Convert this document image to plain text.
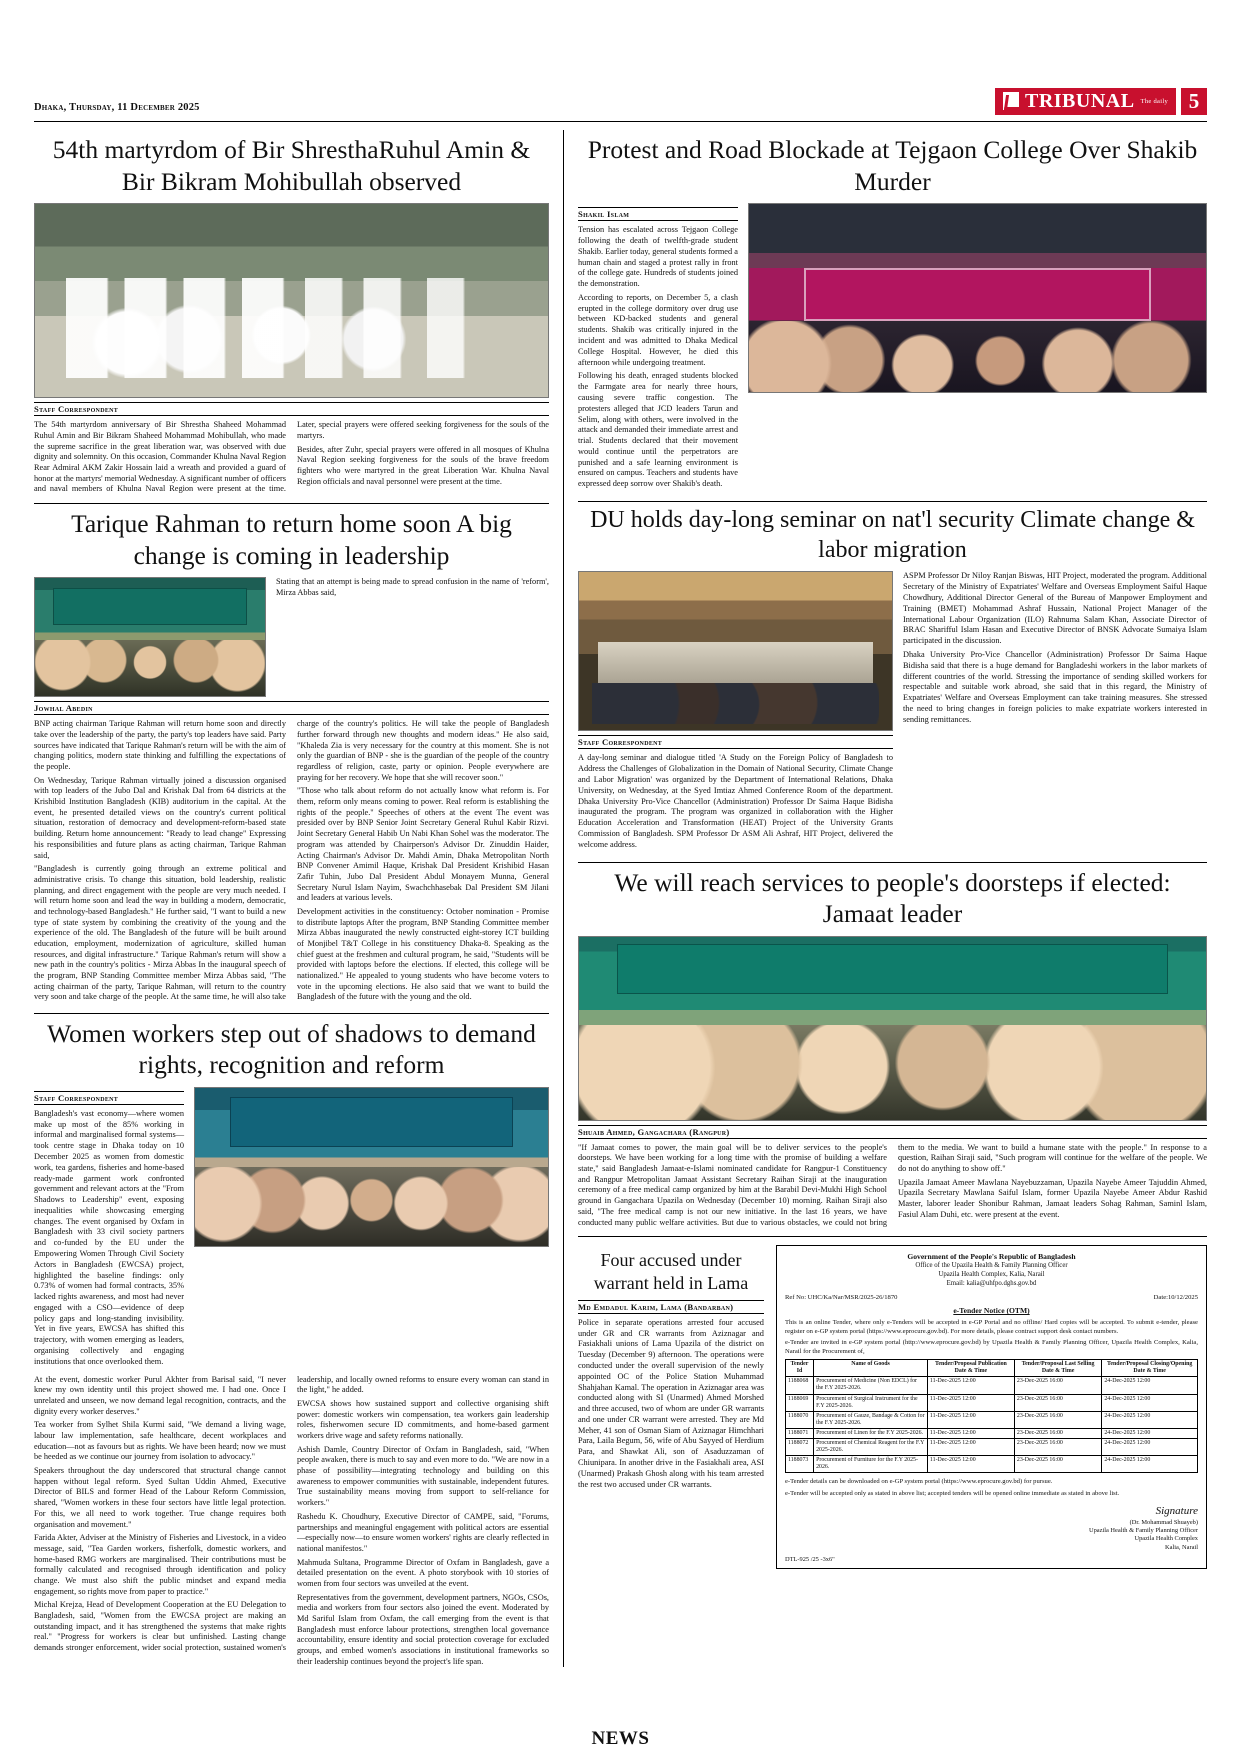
Dhaka, Thursday, 11 December 2025
NEWS
TRIBUNAL The daily 5
54th martyrdom of Bir ShresthaRuhul Amin & Bir Bikram Mohibullah observed
Staff Correspondent

The 54th martyrdom anniversary of Bir Shrestha Shaheed Mohammad Ruhul Amin and Bir Bikram Shaheed Mohammad Mohibullah, who made the supreme sacrifice in the great liberation war, was observed with due dignity and solemnity. On this occasion, Commander Khulna Naval Region Rear Admiral AKM Zakir Hossain laid a wreath and provided a guard of honor at the martyrs' memorial Wednesday. A significant number of officers and naval members of Khulna Naval Region were present at the time. Later, special prayers were offered seeking forgiveness for the souls of the martyrs.

Besides, after Zuhr, special prayers were offered in all mosques of Khulna Naval Region seeking forgiveness for the souls of the brave freedom fighters who were martyred in the great Liberation War. Khulna Naval Region officials and naval personnel were present at the time.

Tarique Rahman to return home soon A big change is coming in leadership

Stating that an attempt is being made to spread confusion in the name of 'reform', Mirza Abbas said,

Jowhal Abedin

BNP acting chairman Tarique Rahman will return home soon and directly take over the leadership of the party, the party's top leaders have said. Party sources have indicated that Tarique Rahman's return will be with the aim of changing politics, modern state thinking and fulfilling the expectations of the people.

On Wednesday, Tarique Rahman virtually joined a discussion organised with top leaders of the Jubo Dal and Krishak Dal from 64 districts at the Krishibid Institution Bangladesh (KIB) auditorium in the capital. At the event, he presented detailed views on the country's current political situation, restoration of democracy and development-reform-based state building. Return home announcement: "Ready to lead change" Expressing his responsibilities and future plans as acting chairman, Tarique Rahman said,

"Bangladesh is currently going through an extreme political and administrative crisis. To change this situation, bold leadership, realistic planning, and direct engagement with the people are very much needed. I will return home soon and lead the way in building a modern, democratic, and technology-based Bangladesh." He further said, "I want to build a new type of state system by combining the creativity of the young and the experience of the old. The Bangladesh of the future will be built around education, employment, modernization of agriculture, skilled human resources, and digital infrastructure." Tarique Rahman's return will show a new path in the country's politics - Mirza Abbas In the inaugural speech of the program, BNP Standing Committee member Mirza Abbas said, "The acting chairman of the party, Tarique Rahman, will return to the country very soon and take charge of the people. At the same time, he will also take charge of the country's politics. He will take the people of Bangladesh further forward through new thoughts and modern ideas." He also said, "Khaleda Zia is very necessary for the country at this moment. She is not only the guardian of BNP - she is the guardian of the people of the country regardless of religion, caste, party or opinion. People everywhere are praying for her recovery. We hope that she will recover soon."

"Those who talk about reform do not actually know what reform is. For them, reform only means coming to power. Real reform is establishing the rights of the people." Speeches of others at the event The event was presided over by BNP Senior Joint Secretary General Ruhul Kabir Rizvi. Joint Secretary General Habib Un Nabi Khan Sohel was the moderator. The program was attended by Chairperson's Advisor Dr. Zinuddin Haider, Acting Chairman's Advisor Dr. Mahdi Amin, Dhaka Metropolitan North BNP Convener Amimil Haque, Krishak Dal President Krishibid Hasan Zafir Tuhin, Jubo Dal President Abdul Monayem Munna, General Secretary Nurul Islam Nayim, Swachchhasebak Dal President SM Jilani and leaders at various levels.

Development activities in the constituency: October nomination - Promise to distribute laptops After the program, BNP Standing Committee member Mirza Abbas inaugurated the newly constructed eight-storey ICT building of Monjibel T&T College in his constituency Dhaka-8. Speaking as the chief guest at the freshmen and cultural program, he said, "Students will be provided with laptops before the elections. If elected, this college will be nationalized." He appealed to young students who have become voters to vote in the upcoming elections. He also said that we want to build the Bangladesh of the future with the young and the old.

Women workers step out of shadows to demand rights, recognition and reform
Staff Correspondent

Bangladesh's vast economy—where women make up most of the 85% working in informal and marginalised formal systems—took centre stage in Dhaka today on 10 December 2025 as women from domestic work, tea gardens, fisheries and home-based ready-made garment work confronted government and relevant actors at the "From Shadows to Leadership" event, exposing inequalities while showcasing emerging changes. The event organised by Oxfam in Bangladesh with 33 civil society partners and co-funded by the EU under the Empowering Women Through Civil Society Actors in Bangladesh (EWCSA) project, highlighted the baseline findings: only 0.73% of women had formal contracts, 35% lacked rights awareness, and most had never engaged with a CSO—evidence of deep policy gaps and long-standing invisibility. Yet in five years, EWCSA has shifted this trajectory, with women emerging as leaders, organising collectively and engaging institutions that once overlooked them.

At the event, domestic worker Purul Akhter from Barisal said, "I never knew my own identity until this project showed me. I had one. Once I unrelated and unseen, we now demand legal recognition, contracts, and the dignity every worker deserves."

Tea worker from Sylhet Shila Kurmi said, "We demand a living wage, labour law implementation, safe healthcare, decent workplaces and education—not as favours but as rights. We have been heard; now we must be heeded as we continue our journey from isolation to advocacy."

Speakers throughout the day underscored that structural change cannot happen without legal reform. Syed Sultan Uddin Ahmed, Executive Director of BILS and former Head of the Labour Reform Commission, shared, "Women workers in these four sectors have little legal protection. For this, we all need to work together. True change requires both organisation and movement."

Farida Akter, Adviser at the Ministry of Fisheries and Livestock, in a video message, said, "Tea Garden workers, fisherfolk, domestic workers, and home-based RMG workers are marginalised. Their contributions must be formally calculated and recognised through identification and policy change. We must also shift the public mindset and expand media engagement, so rights move from paper to practice."

Michal Krejza, Head of Development Cooperation at the EU Delegation to Bangladesh, said, "Women from the EWCSA project are making an outstanding impact, and it has strengthened the systems that make rights real." "Progress for workers is clear but unfinished. Lasting change demands stronger enforcement, wider social protection, sustained women's leadership, and locally owned reforms to ensure every woman can stand in the light," he added.

EWCSA shows how sustained support and collective organising shift power: domestic workers win compensation, tea workers gain leadership roles, fisherwomen secure ID commitments, and home-based garment workers drive wage and safety reforms nationally.

Ashish Damle, Country Director of Oxfam in Bangladesh, said, "When people awaken, there is much to say and even more to do. "We are now in a phase of possibility—integrating technology and building on this awareness to empower communities with sustainable, independent futures. True sustainability means moving from support to self-reliance for workers."

Rashedu K. Choudhury, Executive Director of CAMPE, said, "Forums, partnerships and meaningful engagement with political actors are essential—especially now—to ensure women workers' rights are clearly reflected in national manifestos."

Mahmuda Sultana, Programme Director of Oxfam in Bangladesh, gave a detailed presentation on the event. A photo storybook with 10 stories of women from four sectors was unveiled at the event.

Representatives from the government, development partners, NGOs, CSOs, media and workers from four sectors also joined the event. Moderated by Md Sariful Islam from Oxfam, the call emerging from the event is that Bangladesh must enforce labour protections, strengthen local governance accountability, ensure identity and social protection coverage for excluded groups, and embed women's associations in institutional frameworks so their leadership continues beyond the project's life span.

Protest and Road Blockade at Tejgaon College Over Shakib Murder
Shakil Islam

Tension has escalated across Tejgaon College following the death of twelfth-grade student Shakib. Earlier today, general students formed a human chain and staged a protest rally in front of the college gate. Hundreds of students joined the demonstration.

According to reports, on December 5, a clash erupted in the college dormitory over drug use between KD-backed students and general students. Shakib was critically injured in the incident and was admitted to Dhaka Medical College Hospital. However, he died this afternoon while undergoing treatment.

Following his death, enraged students blocked the Farmgate area for nearly three hours, causing severe traffic congestion. The protesters alleged that JCD leaders Tarun and Selim, along with others, were involved in the attack and demanded their immediate arrest and trial. Students declared that their movement would continue until the perpetrators are punished and a safe learning environment is ensured on campus. Teachers and students have expressed deep sorrow over Shakib's death.

DU holds day-long seminar on nat'l security Climate change & labor migration
Staff Correspondent

A day-long seminar and dialogue titled 'A Study on the Foreign Policy of Bangladesh to Address the Challenges of Globalization in the Domain of National Security, Climate Change and Labor Migration' was organized by the Department of International Relations, Dhaka University, on Wednesday, at the Syed Imtiaz Ahmed Conference Room of the department. Dhaka University Pro-Vice Chancellor (Administration) Professor Dr Saima Haque Bidisha inaugurated the program. The program was organized in collaboration with the Higher Education Acceleration and Transformation (HEAT) Project of the University Grants Commission of Bangladesh. SPM Professor Dr ASM Ali Ashraf, HIT Project, delivered the welcome address.

ASPM Professor Dr Niloy Ranjan Biswas, HIT Project, moderated the program. Additional Secretary of the Ministry of Expatriates' Welfare and Overseas Employment Saiful Haque Chowdhury, Additional Director General of the Bureau of Manpower Employment and Training (BMET) Mohammad Ashraf Hussain, National Project Manager of the International Labour Organization (ILO) Rahnuma Salam Khan, Associate Director of BRAC Sharifful Islam Hasan and Executive Director of BNSK Advocate Sumaiya Islam participated in the discussion.

Dhaka University Pro-Vice Chancellor (Administration) Professor Dr Saima Haque Bidisha said that there is a huge demand for Bangladeshi workers in the labor markets of different countries of the world. Stressing the importance of sending skilled workers for respectable and suitable work abroad, she said that in this regard, the Ministry of Expatriates' Welfare and Overseas Employment can take training measures. She stressed the need to bring changes in foreign policies to make expatriate workers interested in sending remittances.

We will reach services to people's doorsteps if elected: Jamaat leader
Shuaib Ahmed, Gangachara (Rangpur)

"If Jamaat comes to power, the main goal will be to deliver services to the people's doorsteps. We have been working for a long time with the promise of building a welfare state," said Bangladesh Jamaat-e-Islami nominated candidate for Rangpur-1 Constituency and Rangpur Metropolitan Jamaat Assistant Secretary Raihan Siraji at the inauguration ceremony of a free medical camp organized by him at the Barabil Devi-Mukhi High School ground in Gangachara Upazila on Wednesday (December 10) morning. Raihan Siraji also said, "The free medical camp is not our new initiative. In the last 16 years, we have conducted many public welfare activities. But due to various obstacles, we could not bring them to the media. We want to build a humane state with the people." In response to a question, Raihan Siraji said, "Such program will continue for the welfare of the people. We do not do anything to show off."

Upazila Jamaat Ameer Mawlana Nayebuzzaman, Upazila Nayebe Ameer Tajuddin Ahmed, Upazila Secretary Mawlana Saiful Islam, former Upazila Nayebe Ameer Abdur Rashid Master, laborer leader Shonibur Rahman, Jamaat leaders Sohag Rahman, Saminl Islam, Fasiul Alam Duhi, etc. were present at the event.

Four accused under warrant held in Lama
Md Emdadul Karim, Lama (Bandarban)

Police in separate operations arrested four accused under GR and CR warrants from Aziznagar and Fasiakhali unions of Lama Upazila of the district on Tuesday (December 9) afternoon. The operations were conducted under the overall supervision of the newly appointed OC of the Police Station Muhammad Shahjahan Kamal. The operation in Aziznagar area was conducted along with SI (Unarmed) Ahmed Morshed and three accused, two of whom are under GR warrants and one under CR warrant were arrested. They are Md Meher, 41 son of Osman Siam of Aziznagar Himchhari Para, Laila Begum, 56, wife of Abu Sayyed of Herdium Para, and Shawkat Ali, son of Asaduzzaman of Chiunipara. In another drive in the Fasiakhali area, ASI (Unarmed) Prakash Ghosh along with his team arrested the rest two accused under CR warrants.

Government of the People's Republic of Bangladesh
Office of the Upazila Health & Family Planning Officer
Upazila Health Complex, Kalia, Narail
Email: kalia@uhfpo.dghs.gov.bd
Ref No: UHC/Ka/Nar/MSR/2025-26/1870	Date:10/12/2025
e-Tender Notice (OTM)

This is an online Tender, where only e-Tenders will be accepted in e-GP Portal and no offline/ Hard copies will be accepted. To submit e-tender, please register on e-GP system portal (https://www.eprocure.gov.bd). For more details, please contract support desk contact numbers.

e-Tender are invited in e-GP system portal (http://www.eprocure.gov.bd) by Upazila Health & Family Planning Officer, Upazila Health Complex, Kalia, Narail for the Procurement of,

Tender Id	Name of Goods	Tender/Proposal Publication Date & Time	Tender/Proposal Last Selling Date & Time	Tender/Proposal Closing/Opening Date & Time
1188068	Procurement of Medicine (Non EDCL) for the F.Y 2025-2026.	11-Dec-2025 12:00	23-Dec-2025 16:00	24-Dec-2025 12:00
1188069	Procurement of Surgical Instrument for the F.Y 2025-2026.	11-Dec-2025 12:00	23-Dec-2025 16:00	24-Dec-2025 12:00
1188070	Procurement of Gauze, Bandage & Cotton for the F.Y 2025-2026.	11-Dec-2025 12:00	23-Dec-2025 16:00	24-Dec-2025 12:00
1188071	Procurement of Linen for the F.Y 2025-2026.	11-Dec-2025 12:00	23-Dec-2025 16:00	24-Dec-2025 12:00
1188072	Procurement of Chemical Reagent for the F.Y 2025-2026.	11-Dec-2025 12:00	23-Dec-2025 16:00	24-Dec-2025 12:00
1188073	Procurement of Furniture for the F.Y 2025-2026.	11-Dec-2025 12:00	23-Dec-2025 16:00	24-Dec-2025 12:00

e-Tender details can be downloaded on e-GP system portal (https://www.eprocure.gov.bd) for pursue.

e-Tender will be accepted only as stated in above list; accepted tenders will be opened online immediate as stated in above list.

Signature
(Dr. Mohammad Shuayeb)
Upazila Health & Family Planning Officer
Upazila Health Complex
Kalia, Narail
DTL-925 /25 -3x6"
